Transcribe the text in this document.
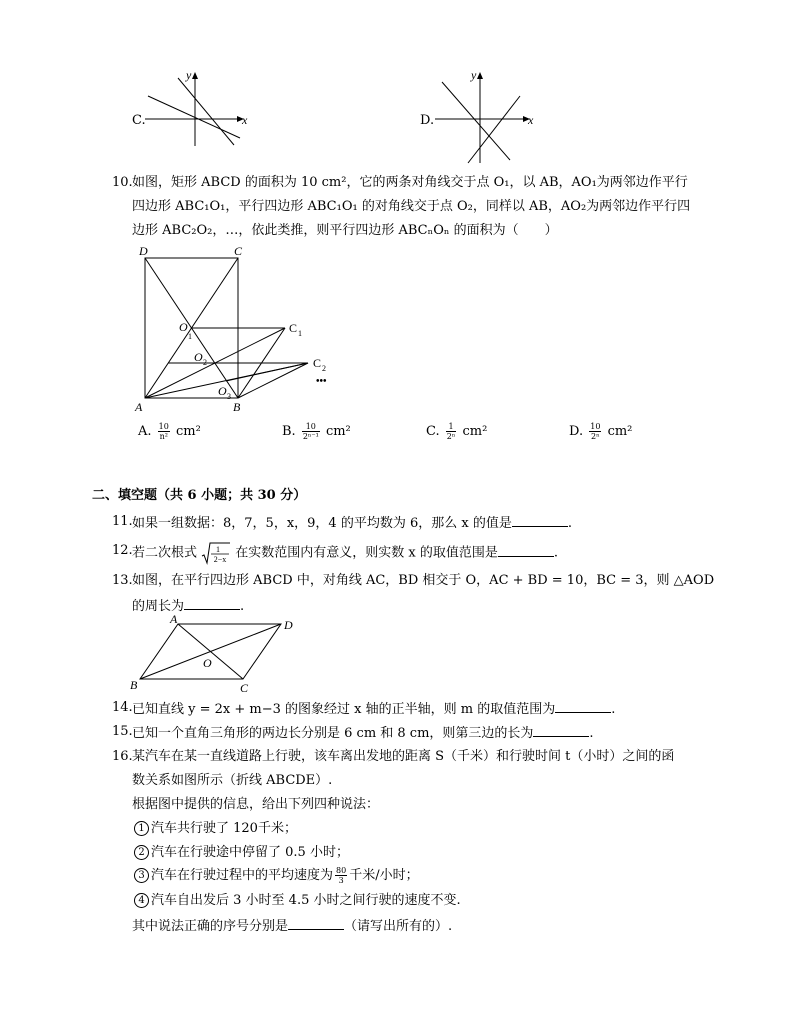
C.
y
x	D.
y
x
10. 如图，矩形 ABCD 的面积为 10 cm²，它的两条对角线交于点 O₁，以 AB，AO₁为两邻边作平行
四边形 ABC₁O₁，平行四边形 ABC₁O₁ 的对角线交于点 O₂，同样以 AB，AO₂为两邻边作平行四
边形 ABC₂O₂，…，依此类推，则平行四边形 ABCₙOₙ 的面积为（　　）
D	C
A	B
O
1
O 2
O 3
C 1
C 2
•••
A. $\frac{10}{\text{n²}} cm^2$	B. $\frac{10}{\text{2ⁿ⁻¹}} cm^2$	C. $\frac{1}{\text{2ⁿ}} cm^2$	D. $\frac{10}{\text{2ⁿ}} cm^2$
二、填空题（共 6 小题；共 30 分）
11. 如果一组数据：8，7，5，x，9，4 的平均数为 6，那么 x 的值是	.
12. 若二次根式 1
2−x 在实数范围内有意义，则实数 x 的取值范围是	.
13. 如图，在平行四边形 ABCD 中，对角线 AC，BD 相交于 O，AC + BD = 10，BC = 3，则 △AOD
的周长为	.
A	D
B	C
O
14. 已知直线 y = 2x + m−3 的图象经过 x 轴的正半轴，则 m 的取值范围为	.
15. 已知一个直角三角形的两边长分别是 6 cm 和 8 cm，则第三边的长为	.
16. 某汽车在某一直线道路上行驶，该车离出发地的距离 S（千米）和行驶时间 t（小时）之间的函
数关系如图所示（折线 ABCDE）.
根据图中提供的信息，给出下列四种说法：
1 汽车共行驶了 120千米；
2 汽车在行驶途中停留了 0.5 小时；
3 汽车在行驶过程中的平均速度为 $\frac{80}{3}$ 千米/小时；
4 汽车自出发后 3 小时至 4.5 小时之间行驶的速度不变.
其中说法正确的序号分别是	（请写出所有的）.
